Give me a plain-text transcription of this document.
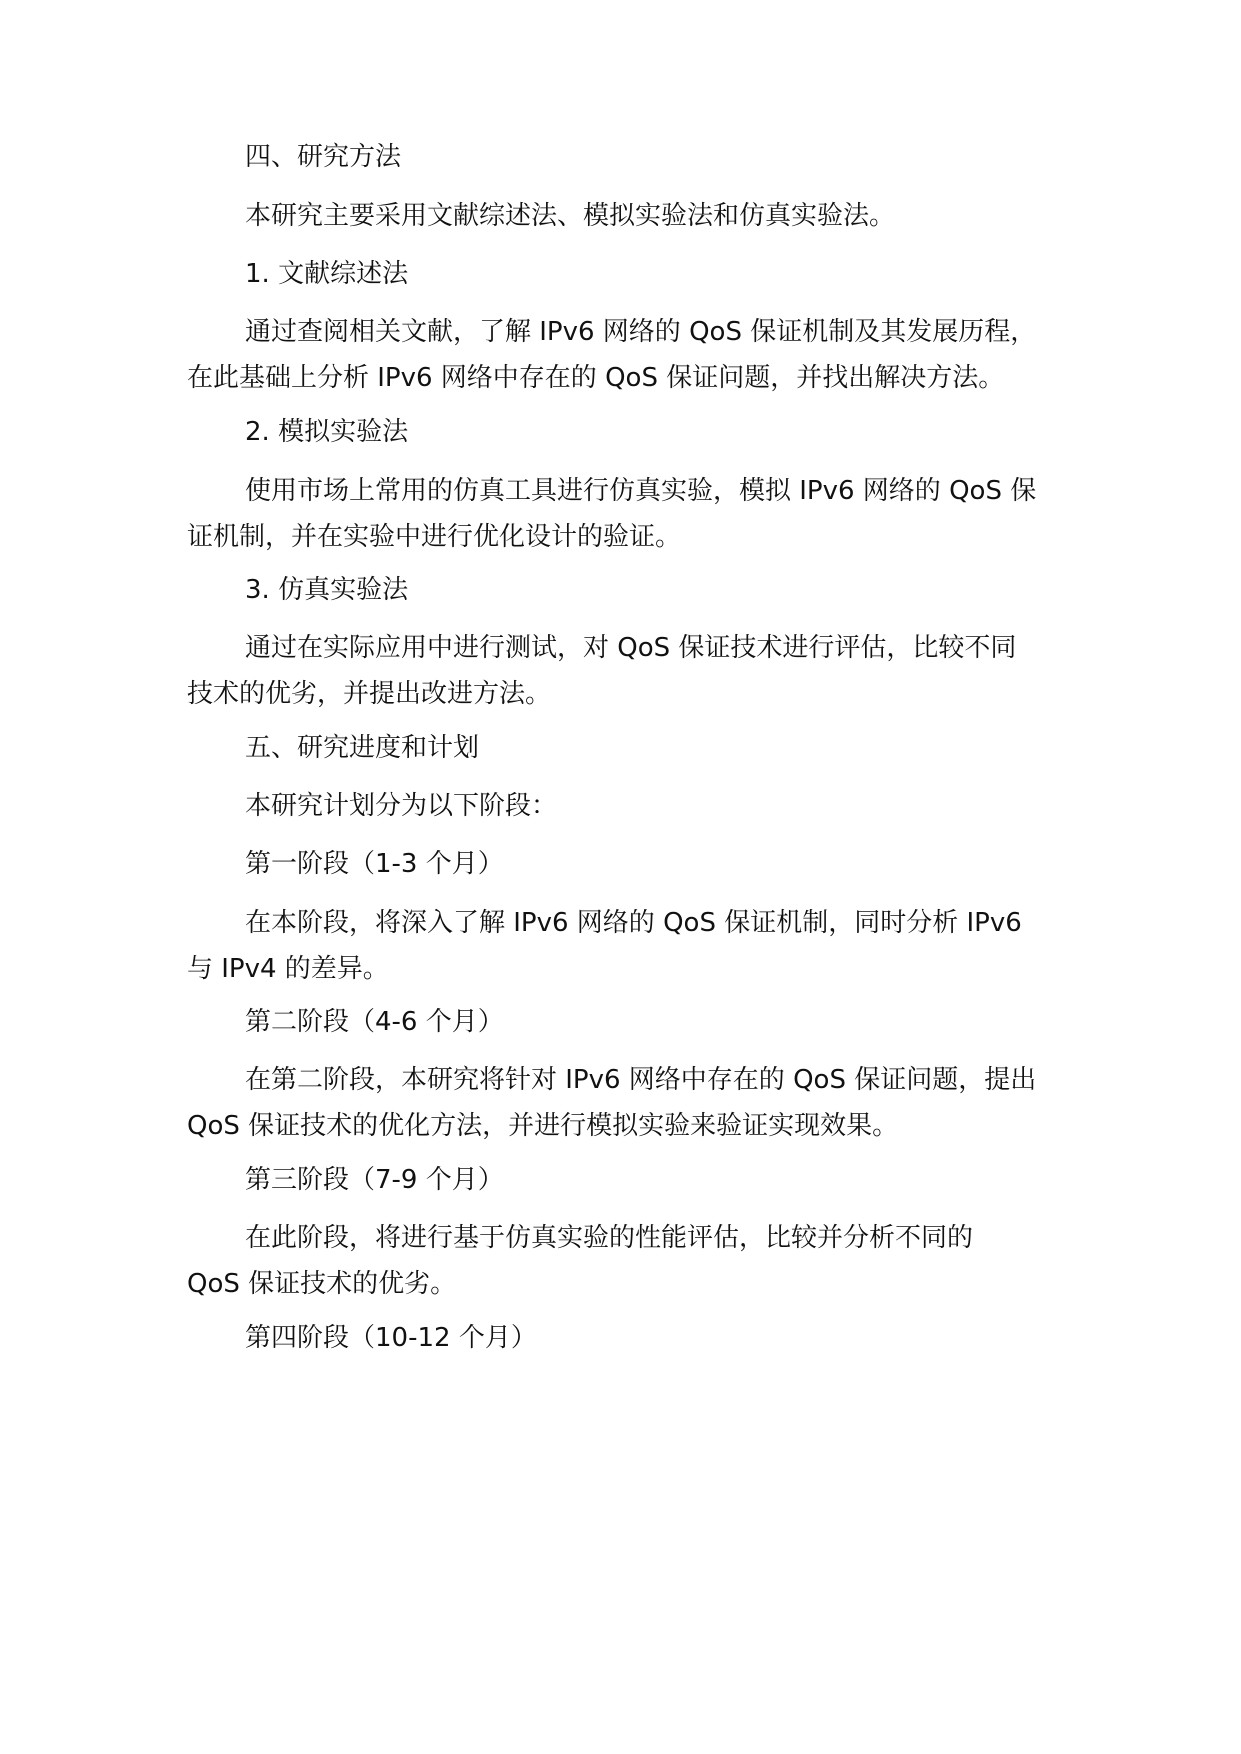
四、研究方法

本研究主要采用文献综述法、模拟实验法和仿真实验法。

1. 文献综述法

通过查阅相关文献，了解 IPv6 网络的 QoS 保证机制及其发展历程，
在此基础上分析 IPv6 网络中存在的 QoS 保证问题，并找出解决方法。

2. 模拟实验法

使用市场上常用的仿真工具进行仿真实验，模拟 IPv6 网络的 QoS 保
证机制，并在实验中进行优化设计的验证。

3. 仿真实验法

通过在实际应用中进行测试，对 QoS 保证技术进行评估，比较不同
技术的优劣，并提出改进方法。

五、研究进度和计划

本研究计划分为以下阶段：

第一阶段（1-3 个月）

在本阶段，将深入了解 IPv6 网络的 QoS 保证机制，同时分析 IPv6
与 IPv4 的差异。

第二阶段（4-6 个月）

在第二阶段，本研究将针对 IPv6 网络中存在的 QoS 保证问题，提出
QoS 保证技术的优化方法，并进行模拟实验来验证实现效果。

第三阶段（7-9 个月）

在此阶段，将进行基于仿真实验的性能评估，比较并分析不同的
QoS 保证技术的优劣。

第四阶段（10-12 个月）
